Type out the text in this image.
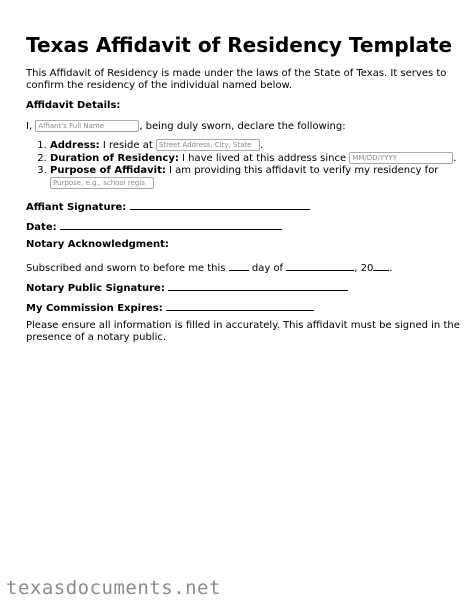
Texas Affidavit of Residency Template

This Affidavit of Residency is made under the laws of the State of Texas. It serves to

confirm the residency of the individual named below.

Affidavit Details:

I, Affiant's Full Name	, being duly sworn, declare the following:

1. Address: I reside at Street Address, City, State .
2. Duration of Residency: I have lived at this address since MM/DD/YYYY	.
3. Purpose of Affidavit: I am providing this affidavit to verify my residency for
Purpose, e.g., school regis

Affiant Signature:

Date:

Notary Acknowledgment:

Subscribed and sworn to before me this  day of	, 20 .

Notary Public Signature:

My Commission Expires:

Please ensure all information is filled in accurately. This affidavit must be signed in the

presence of a notary public.

texasdocuments.net
